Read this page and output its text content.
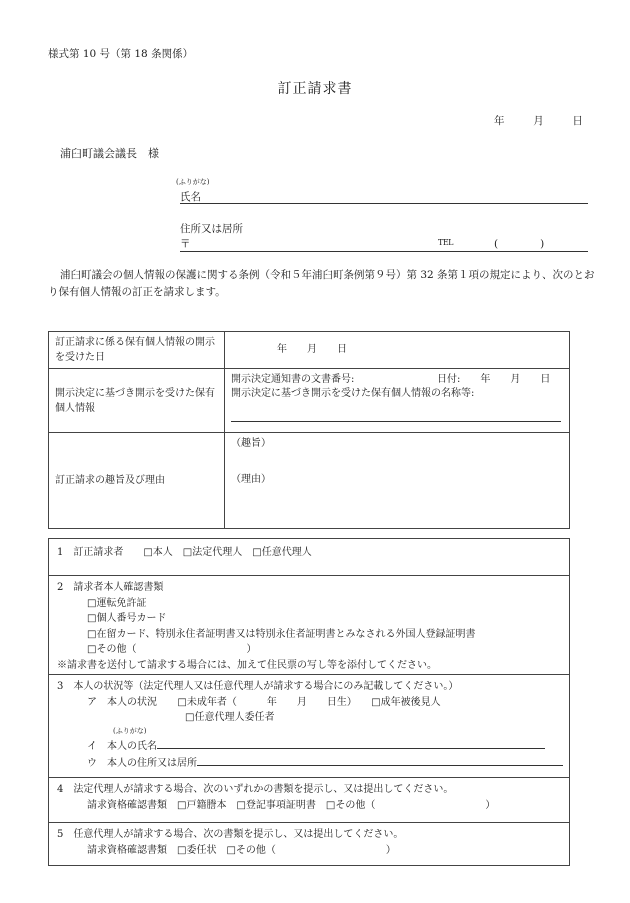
様式第 10 号（第 18 条関係）
訂正請求書
年	月	日
浦臼町議会議長　様
(ふりがな)
氏名
住所又は居所
〒	TEL	(　　　　)
浦臼町議会の個人情報の保護に関する条例（令和５年浦臼町条例第９号）第 32 条第１項の規定により、次のとおり保有個人情報の訂正を請求します。
訂正請求に係る保有個人情報の開示を受けた日	年　　月　　日
開示決定に基づき開示を受けた保有個人情報	開示決定通知書の文書番号: 日付:　　年　　月　　日
開示決定に基づき開示を受けた保有個人情報の名称等:

訂正請求の趣旨及び理由	（趣旨）
（理由）
1　訂正請求者　　□本人　□法定代理人　□任意代理人
2　請求者本人確認書類
□運転免許証
□個人番号カード
□在留カード、特別永住者証明書又は特別永住者証明書とみなされる外国人登録証明書
□その他（　　　　　　　　　　　）
※請求書を送付して請求する場合には、加えて住民票の写し等を添付してください。
3　本人の状況等（法定代理人又は任意代理人が請求する場合にのみ記載してください。）
ア　本人の状況 □未成年者（　　　年　　月　　日生） □成年被後見人
□任意代理人委任者
(ふりがな)
イ　本人の氏名
ウ　本人の住所又は居所
4　法定代理人が請求する場合、次のいずれかの書類を提示し、又は提出してください。
請求資格確認書類　□戸籍謄本　□登記事項証明書　□その他（　　　　　　　　　　　）
5　任意代理人が請求する場合、次の書類を提示し、又は提出してください。
請求資格確認書類　□委任状　□その他（　　　　　　　　　　　）
